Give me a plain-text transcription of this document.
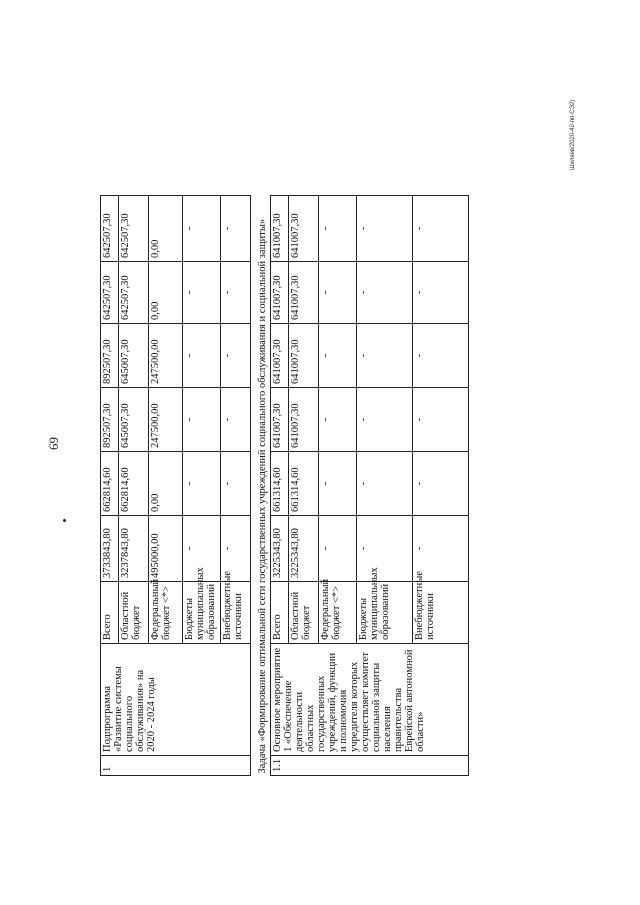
69
Шиляев/2020-42-пп-СЭ2)
1	Подпрограмма «Развитие системы социального обслуживания» на 2020 - 2024 годы	Всего	3733843,80	662814,60	892507,30	892507,30	642507,30	642507,30
		Областной бюджет	3237843,80	662814,60	645007,30	645007,30	642507,30	642507,30
		Федеральный бюджет <*>	495000,00	0,00	247500,00	247500,00	0,00	0,00
		Бюджеты муниципальных образований	-	-	-	-	-	-
		Внебюджетные источники	-	-	-	-	-	-
Задача «Формирование оптимальной сети государственных учреждений социального обслуживания и социальной защиты»								
1.1	Основное мероприятие 1 «Обеспечение деятельности областных государственных учреждений, функции и полномочия учредителя которых осуществляет комитет социальной защиты населения правительства Еврейской автономной области»	Всего	3225343,80	661314,60	641007,30	641007,30	641007,30	641007,30
		Областной бюджет	3225343,80	661314,60	641007,30	641007,30	641007,30	641007,30
		Федеральный бюджет <*>	-	-	-	-	-	-
		Бюджеты муниципальных образований	-	-	-	-	-	-
		Внебюджетные источники	-	-	-	-	-	-
